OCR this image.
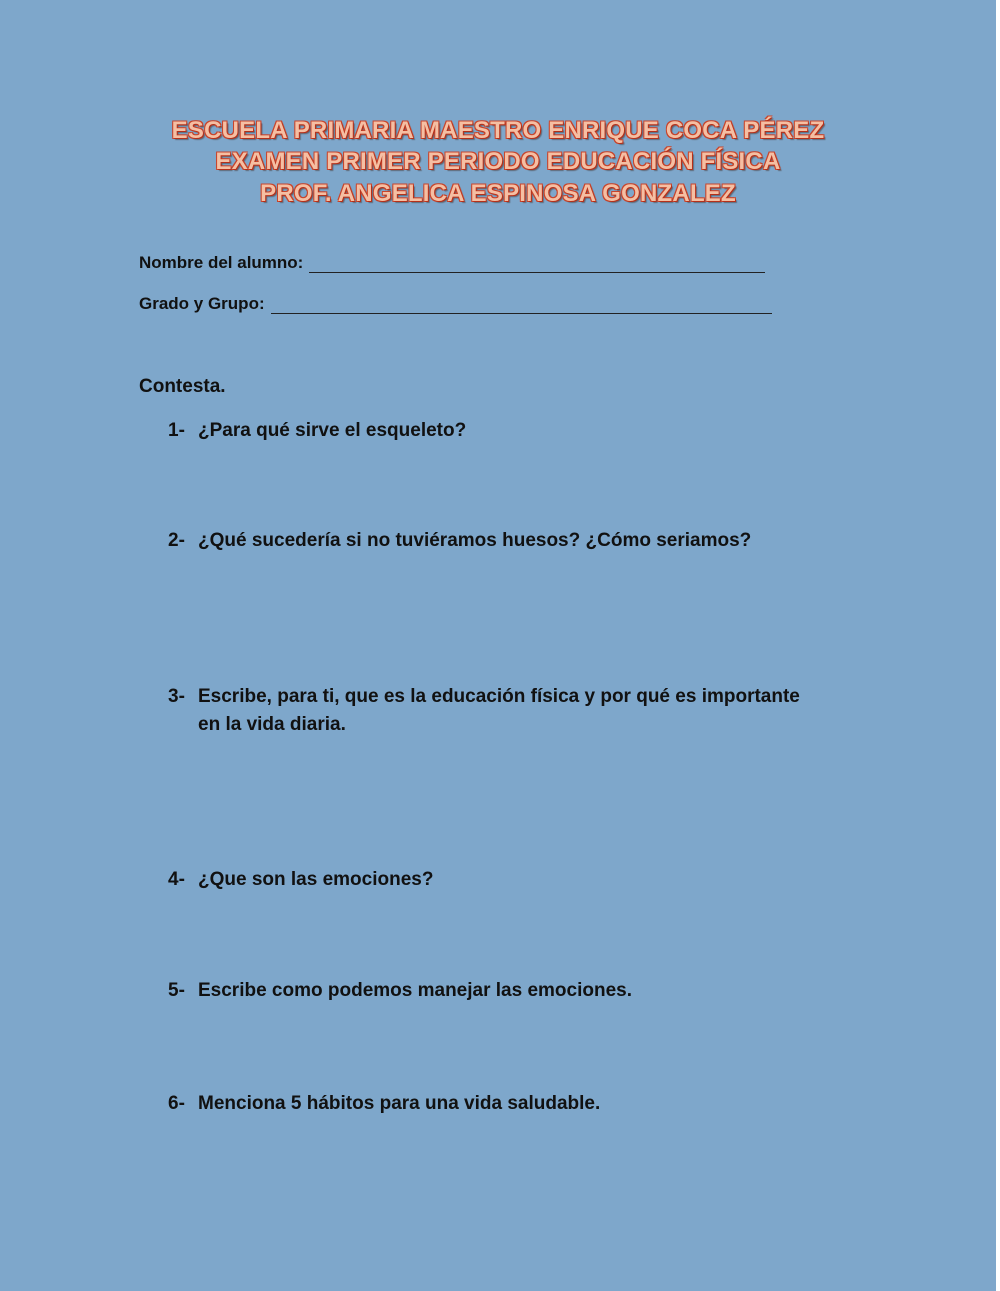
ESCUELA PRIMARIA MAESTRO ENRIQUE COCA PÉREZ
EXAMEN PRIMER PERIODO EDUCACIÓN FÍSICA
PROF. ANGELICA ESPINOSA GONZALEZ
Nombre del alumno:
Grado y Grupo:
Contesta.
1- ¿Para qué sirve el esqueleto?
2- ¿Qué sucedería si no tuviéramos huesos? ¿Cómo seriamos?
3- Escribe, para ti, que es la educación física y por qué es importante en la vida diaria.
4- ¿Que son las emociones?
5- Escribe como podemos manejar las emociones.
6- Menciona 5 hábitos para una vida saludable.
